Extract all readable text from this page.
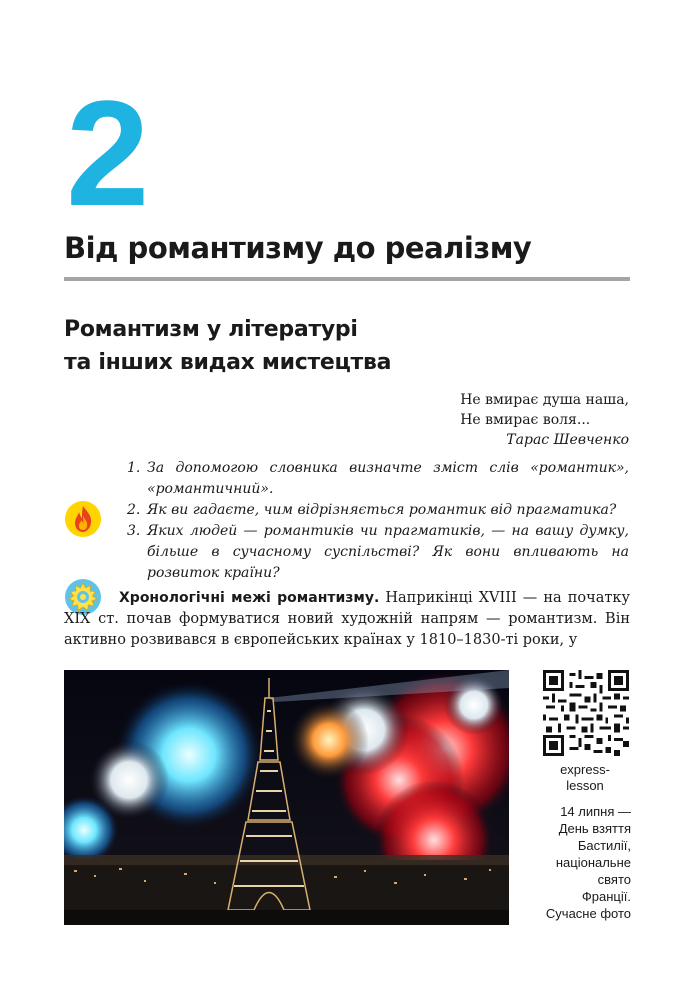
2
Від романтизму до реалізму
Романтизм у літературі
та інших видах мистецтва
Не вмирає душа наша,
Не вмирає воля...
Тарас Шевченко
1. За допомогою словника визначте зміст слів «романтик», «романтичний».
2. Як ви гадаєте, чим відрізняється романтик від прагматика?
3. Яких людей — романтиків чи прагматиків, — на вашу думку, більше в сучасному суспільстві? Як вони впливають на розвиток країни?
Хронологічні межі романтизму. Наприкінці XVIII — на початку XIX ст. почав формуватися новий художній напрям — романтизм. Він активно розвивався в європейських країнах у 1810–1830-ті роки, у
express-
lesson
14 липня —
День взяття
Бастилії,
національне
свято
Франції.
Сучасне фото
